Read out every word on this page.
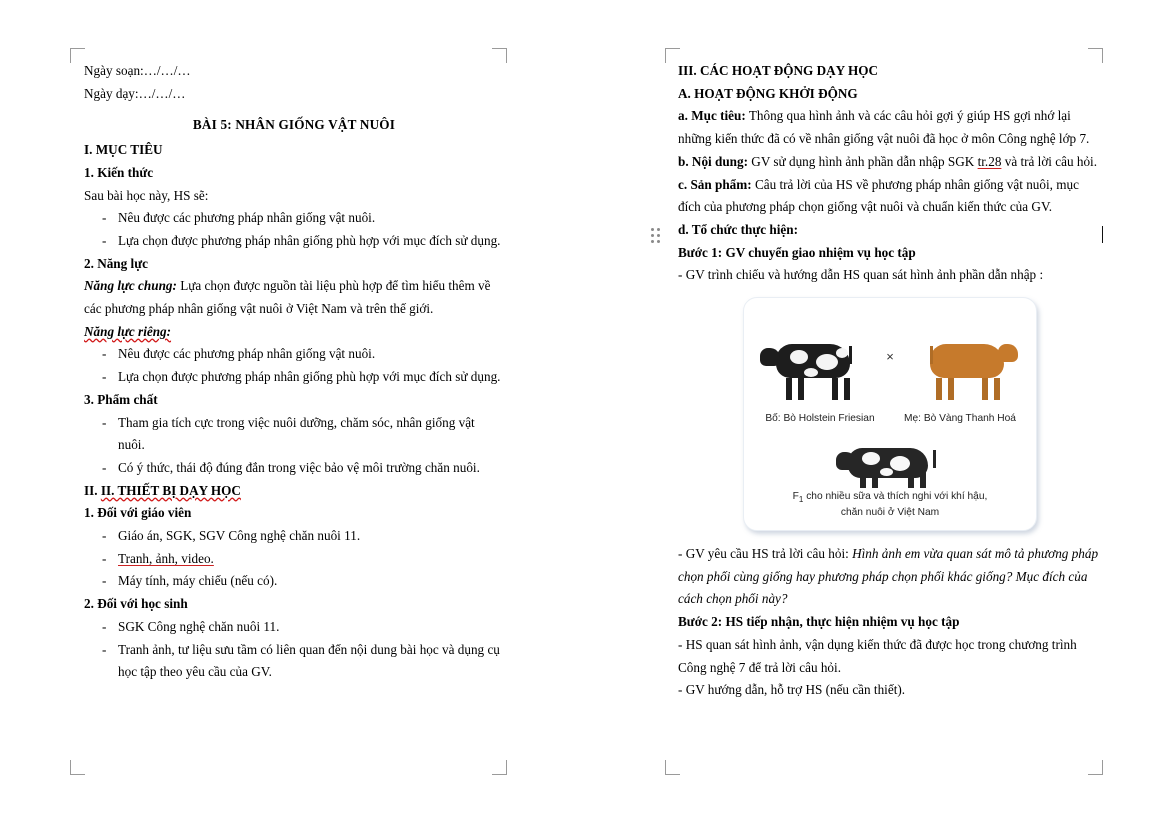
Ngày soạn:…/…/…

Ngày dạy:…/…/…

BÀI 5: NHÂN GIỐNG VẬT NUÔI

I. MỤC TIÊU

1. Kiến thức

Sau bài học này, HS sẽ:

- Nêu được các phương pháp nhân giống vật nuôi.
- Lựa chọn được phương pháp nhân giống phù hợp với mục đích sử dụng.

2. Năng lực

Năng lực chung: Lựa chọn được nguồn tài liệu phù hợp để tìm hiểu thêm về các phương pháp nhân giống vật nuôi ở Việt Nam và trên thế giới.

Năng lực riêng:

- Nêu được các phương pháp nhân giống vật nuôi.
- Lựa chọn được phương pháp nhân giống phù hợp với mục đích sử dụng.

3. Phẩm chất

- Tham gia tích cực trong việc nuôi dưỡng, chăm sóc, nhân giống vật nuôi.
- Có ý thức, thái độ đúng đắn trong việc bảo vệ môi trường chăn nuôi.

II. II. THIẾT BỊ DẠY HỌC

1. Đối với giáo viên

- Giáo án, SGK, SGV Công nghệ chăn nuôi 11.
- Tranh, ảnh, video.
- Máy tính, máy chiếu (nếu có).

2. Đối với học sinh

- SGK Công nghệ chăn nuôi 11.
- Tranh ảnh, tư liệu sưu tầm có liên quan đến nội dung bài học và dụng cụ học tập theo yêu cầu của GV.

III. CÁC HOẠT ĐỘNG DẠY HỌC

A. HOẠT ĐỘNG KHỞI ĐỘNG

a. Mục tiêu: Thông qua hình ảnh và các câu hỏi gợi ý giúp HS gợi nhớ lại những kiến thức đã có về nhân giống vật nuôi đã học ở môn Công nghệ lớp 7.

b. Nội dung: GV sử dụng hình ảnh phần dẫn nhập SGK tr.28 và trả lời câu hỏi.

c. Sản phẩm: Câu trả lời của HS về phương pháp nhân giống vật nuôi, mục đích của phương pháp chọn giống vật nuôi và chuẩn kiến thức của GV.

d. Tổ chức thực hiện:

Bước 1: GV chuyển giao nhiệm vụ học tập

- GV trình chiếu và hướng dẫn HS quan sát hình ảnh phần dẫn nhập :

×
Bố: Bò Holstein Friesian	Mẹ: Bò Vàng Thanh Hoá
$F_1$ cho nhiều sữa và thích nghi với khí hậu,
chăn nuôi ở Việt Nam

- GV yêu cầu HS trả lời câu hỏi: Hình ảnh em vừa quan sát mô tả phương pháp chọn phối cùng giống hay phương pháp chọn phối khác giống? Mục đích của cách chọn phối này?

Bước 2: HS tiếp nhận, thực hiện nhiệm vụ học tập

- HS quan sát hình ảnh, vận dụng kiến thức đã được học trong chương trình Công nghệ 7 để trả lời câu hỏi.

- GV hướng dẫn, hỗ trợ HS (nếu cần thiết).
